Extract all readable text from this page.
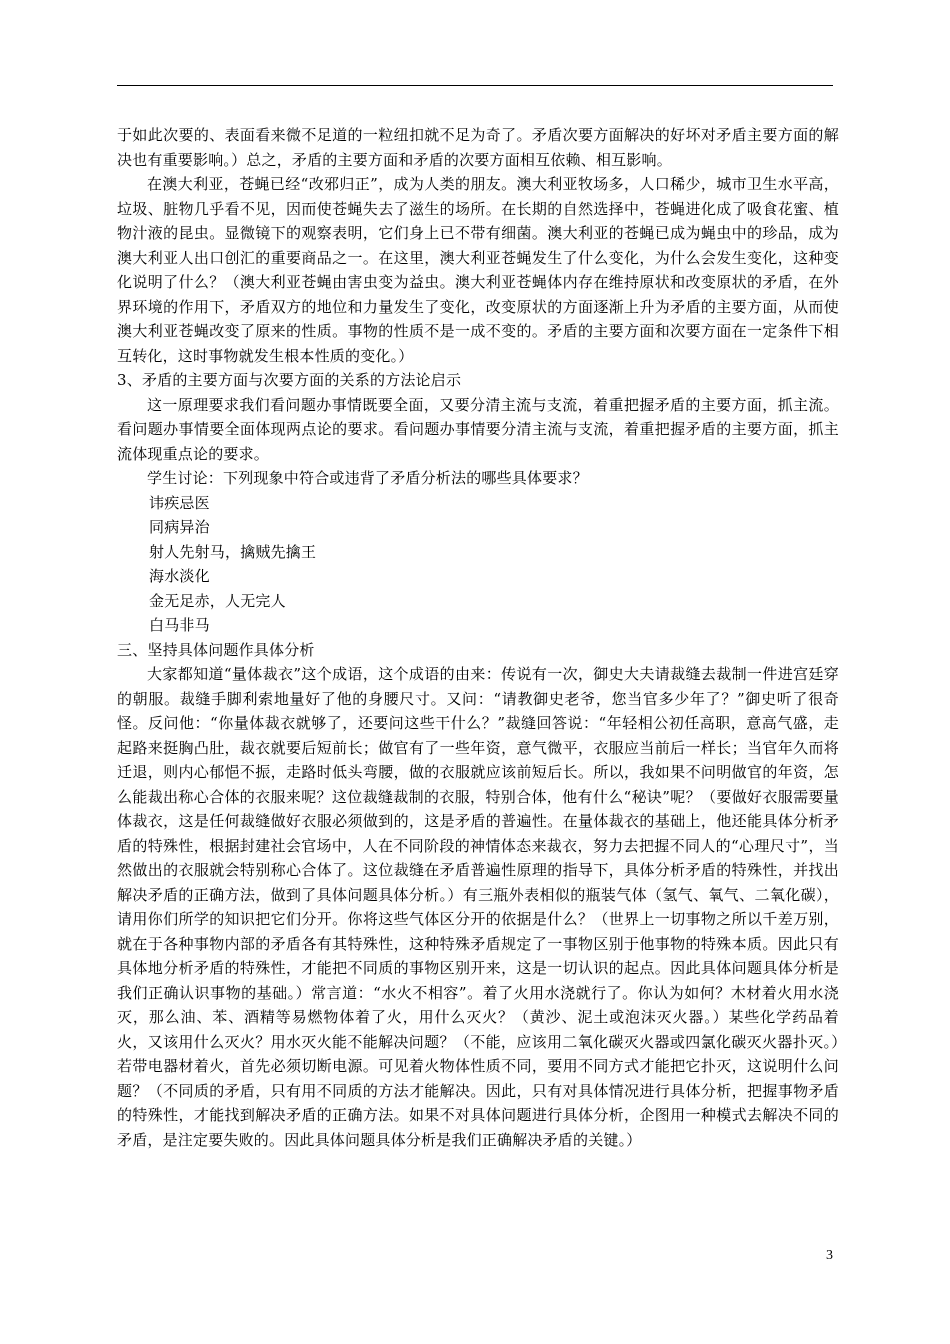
于如此次要的、表面看来微不足道的一粒纽扣就不足为奇了。矛盾次要方面解决的好坏对矛盾主要方面的解决也有重要影响。）总之，矛盾的主要方面和矛盾的次要方面相互依赖、相互影响。

在澳大利亚，苍蝇已经“改邪归正”，成为人类的朋友。澳大利亚牧场多，人口稀少，城市卫生水平高，垃圾、脏物几乎看不见，因而使苍蝇失去了滋生的场所。在长期的自然选择中，苍蝇进化成了吸食花蜜、植物汁液的昆虫。显微镜下的观察表明，它们身上已不带有细菌。澳大利亚的苍蝇已成为蝇虫中的珍品，成为澳大利亚人出口创汇的重要商品之一。在这里，澳大利亚苍蝇发生了什么变化，为什么会发生变化，这种变化说明了什么？（澳大利亚苍蝇由害虫变为益虫。澳大利亚苍蝇体内存在维持原状和改变原状的矛盾，在外界环境的作用下，矛盾双方的地位和力量发生了变化，改变原状的方面逐渐上升为矛盾的主要方面，从而使澳大利亚苍蝇改变了原来的性质。事物的性质不是一成不变的。矛盾的主要方面和次要方面在一定条件下相互转化，这时事物就发生根本性质的变化。）

3、矛盾的主要方面与次要方面的关系的方法论启示

这一原理要求我们看问题办事情既要全面，又要分清主流与支流，着重把握矛盾的主要方面，抓主流。看问题办事情要全面体现两点论的要求。看问题办事情要分清主流与支流，着重把握矛盾的主要方面，抓主流体现重点论的要求。

学生讨论：下列现象中符合或违背了矛盾分析法的哪些具体要求？

讳疾忌医

同病异治

射人先射马，擒贼先擒王

海水淡化

金无足赤，人无完人

白马非马

三、坚持具体问题作具体分析

大家都知道“量体裁衣”这个成语，这个成语的由来：传说有一次，御史大夫请裁缝去裁制一件进宫廷穿的朝服。裁缝手脚利索地量好了他的身腰尺寸。又问：“请教御史老爷，您当官多少年了？”御史听了很奇怪。反问他：“你量体裁衣就够了，还要问这些干什么？”裁缝回答说：“年轻相公初任高职，意高气盛，走起路来挺胸凸肚，裁衣就要后短前长；做官有了一些年资，意气微平，衣服应当前后一样长；当官年久而将迁退，则内心郁悒不振，走路时低头弯腰，做的衣服就应该前短后长。所以，我如果不问明做官的年资，怎么能裁出称心合体的衣服来呢？这位裁缝裁制的衣服，特别合体，他有什么“秘诀”呢？（要做好衣服需要量体裁衣，这是任何裁缝做好衣服必须做到的，这是矛盾的普遍性。在量体裁衣的基础上，他还能具体分析矛盾的特殊性，根据封建社会官场中，人在不同阶段的神情体态来裁衣，努力去把握不同人的“心理尺寸”，当然做出的衣服就会特别称心合体了。这位裁缝在矛盾普遍性原理的指导下，具体分析矛盾的特殊性，并找出解决矛盾的正确方法，做到了具体问题具体分析。）有三瓶外表相似的瓶装气体（氢气、氧气、二氧化碳），请用你们所学的知识把它们分开。你将这些气体区分开的依据是什么？（世界上一切事物之所以千差万别，就在于各种事物内部的矛盾各有其特殊性，这种特殊矛盾规定了一事物区别于他事物的特殊本质。因此只有具体地分析矛盾的特殊性，才能把不同质的事物区别开来，这是一切认识的起点。因此具体问题具体分析是我们正确认识事物的基础。）常言道：“水火不相容”。着了火用水浇就行了。你认为如何？木材着火用水浇灭，那么油、苯、酒精等易燃物体着了火，用什么灭火？（黄沙、泥土或泡沫灭火器。）某些化学药品着火，又该用什么灭火？用水灭火能不能解决问题？（不能，应该用二氧化碳灭火器或四氯化碳灭火器扑灭。）若带电器材着火，首先必须切断电源。可见着火物体性质不同，要用不同方式才能把它扑灭，这说明什么问题？（不同质的矛盾，只有用不同质的方法才能解决。因此，只有对具体情况进行具体分析，把握事物矛盾的特殊性，才能找到解决矛盾的正确方法。如果不对具体问题进行具体分析，企图用一种模式去解决不同的矛盾，是注定要失败的。因此具体问题具体分析是我们正确解决矛盾的关键。）

3
